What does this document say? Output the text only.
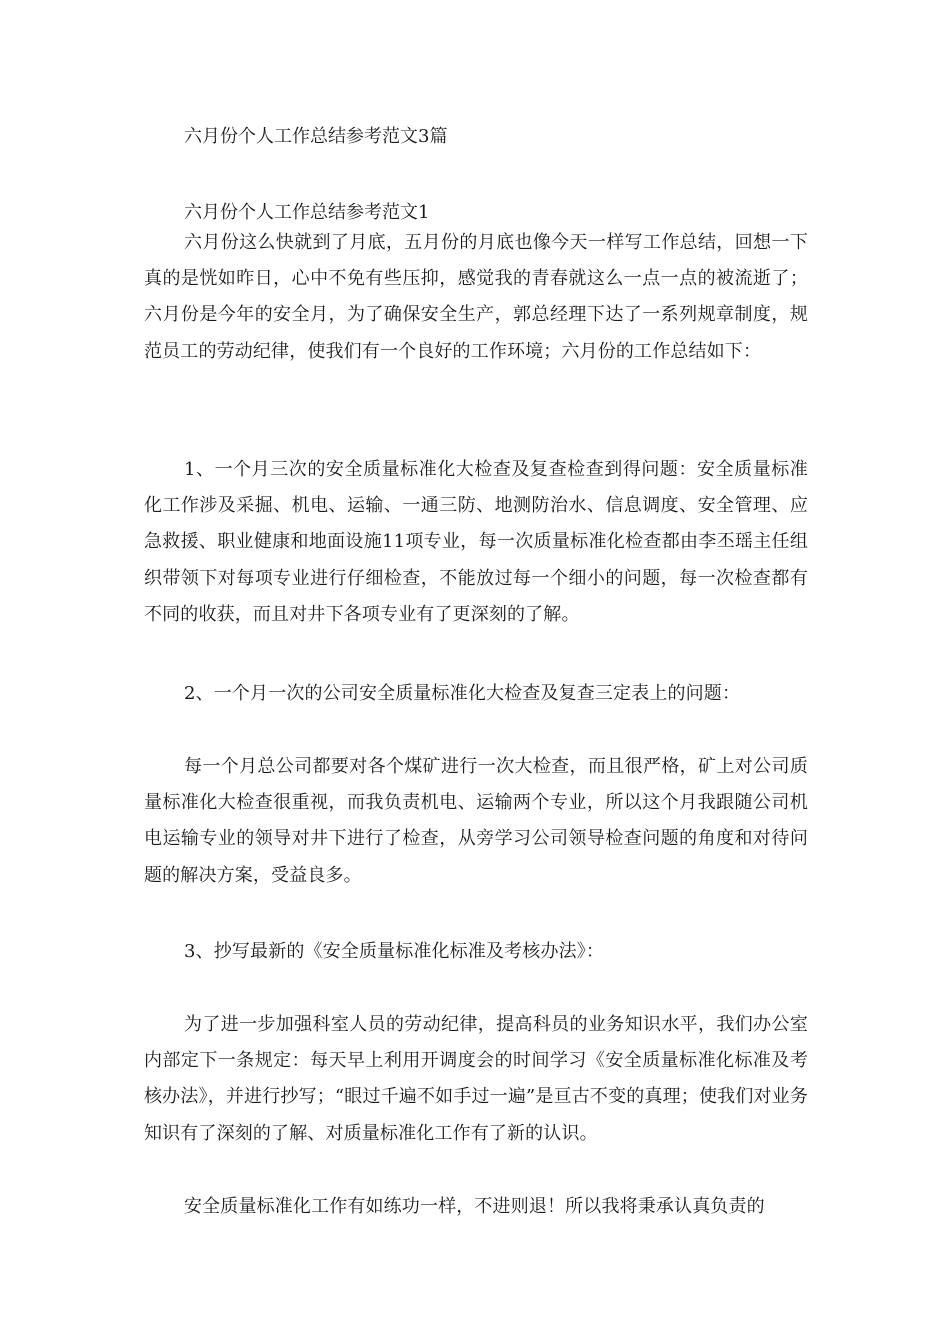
六月份个人工作总结参考范文3篇
六月份个人工作总结参考范文1

六月份这么快就到了月底，五月份的月底也像今天一样写工作总结，回想一下真的是恍如昨日，心中不免有些压抑，感觉我的青春就这么一点一点的被流逝了；六月份是今年的安全月，为了确保安全生产，郭总经理下达了一系列规章制度，规范员工的劳动纪律，使我们有一个良好的工作环境；六月份的工作总结如下：

1、一个月三次的安全质量标准化大检查及复查检查到得问题：安全质量标准化工作涉及采掘、机电、运输、一通三防、地测防治水、信息调度、安全管理、应急救援、职业健康和地面设施11项专业，每一次质量标准化检查都由李丕瑶主任组织带领下对每项专业进行仔细检查，不能放过每一个细小的问题，每一次检查都有不同的收获，而且对井下各项专业有了更深刻的了解。

2、一个月一次的公司安全质量标准化大检查及复查三定表上的问题：

每一个月总公司都要对各个煤矿进行一次大检查，而且很严格，矿上对公司质量标准化大检查很重视，而我负责机电、运输两个专业，所以这个月我跟随公司机电运输专业的领导对井下进行了检查，从旁学习公司领导检查问题的角度和对待问题的解决方案，受益良多。

3、抄写最新的《安全质量标准化标准及考核办法》：

为了进一步加强科室人员的劳动纪律，提高科员的业务知识水平，我们办公室内部定下一条规定：每天早上利用开调度会的时间学习《安全质量标准化标准及考核办法》，并进行抄写；“眼过千遍不如手过一遍”是亘古不变的真理；使我们对业务知识有了深刻的了解、对质量标准化工作有了新的认识。

安全质量标准化工作有如练功一样，不进则退！所以我将秉承认真负责的
